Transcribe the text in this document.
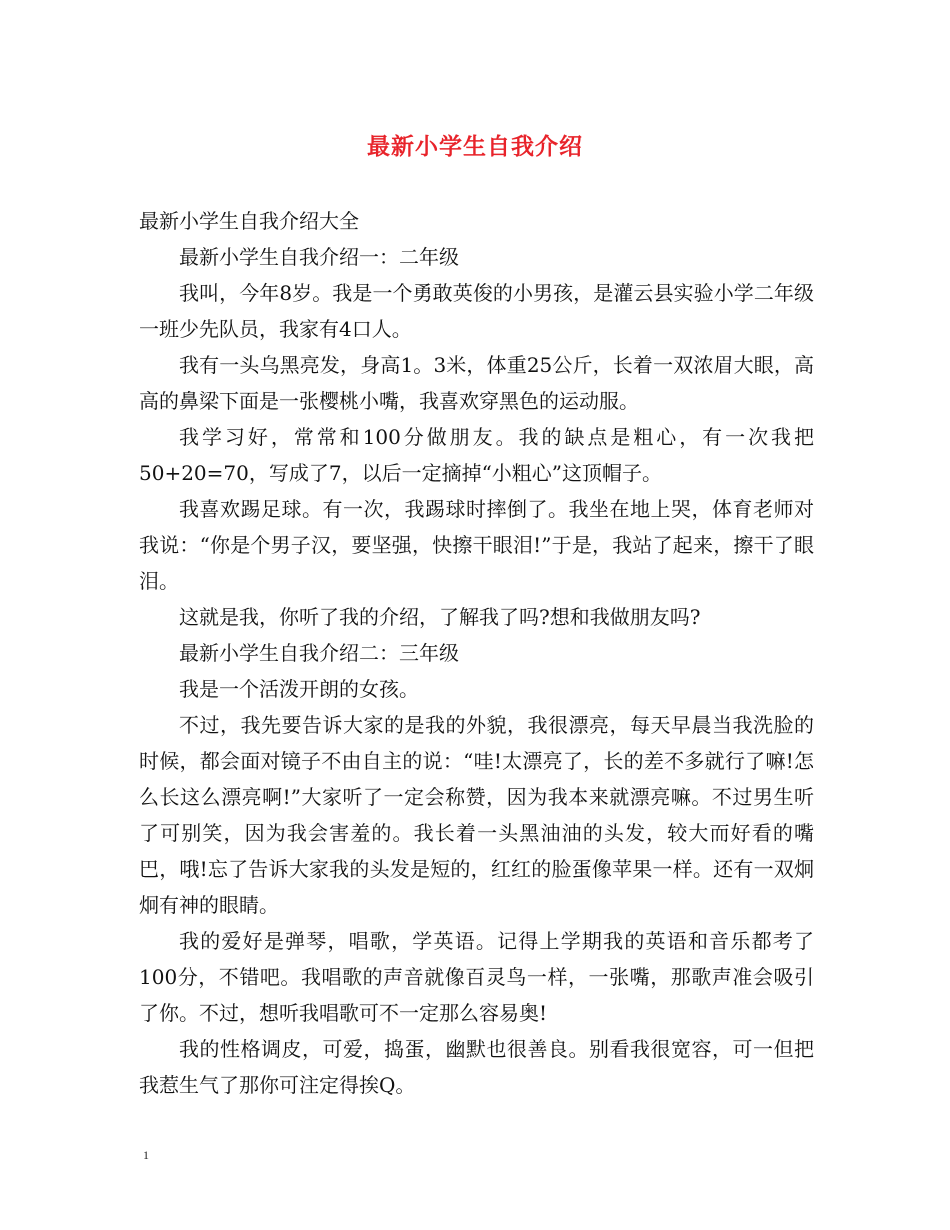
最新小学生自我介绍

最新小学生自我介绍大全

最新小学生自我介绍一：二年级

我叫，今年8岁。我是一个勇敢英俊的小男孩，是灌云县实验小学二年级一班少先队员，我家有4口人。

我有一头乌黑亮发，身高1。3米，体重25公斤，长着一双浓眉大眼，高高的鼻梁下面是一张樱桃小嘴，我喜欢穿黑色的运动服。

我学习好，常常和100分做朋友。我的缺点是粗心，有一次我把50+20=70，写成了7，以后一定摘掉“小粗心”这顶帽子。

我喜欢踢足球。有一次，我踢球时摔倒了。我坐在地上哭，体育老师对我说：“你是个男子汉，要坚强，快擦干眼泪!”于是，我站了起来，擦干了眼泪。

这就是我，你听了我的介绍，了解我了吗?想和我做朋友吗?

最新小学生自我介绍二：三年级

我是一个活泼开朗的女孩。

不过，我先要告诉大家的是我的外貌，我很漂亮，每天早晨当我洗脸的时候，都会面对镜子不由自主的说：“哇!太漂亮了，长的差不多就行了嘛!怎么长这么漂亮啊!”大家听了一定会称赞，因为我本来就漂亮嘛。不过男生听了可别笑，因为我会害羞的。我长着一头黑油油的头发，较大而好看的嘴巴，哦!忘了告诉大家我的头发是短的，红红的脸蛋像苹果一样。还有一双炯炯有神的眼睛。

我的爱好是弹琴，唱歌，学英语。记得上学期我的英语和音乐都考了100分，不错吧。我唱歌的声音就像百灵鸟一样，一张嘴，那歌声准会吸引了你。不过，想听我唱歌可不一定那么容易奥!

我的性格调皮，可爱，捣蛋，幽默也很善良。别看我很宽容，可一但把我惹生气了那你可注定得挨Q。

1
